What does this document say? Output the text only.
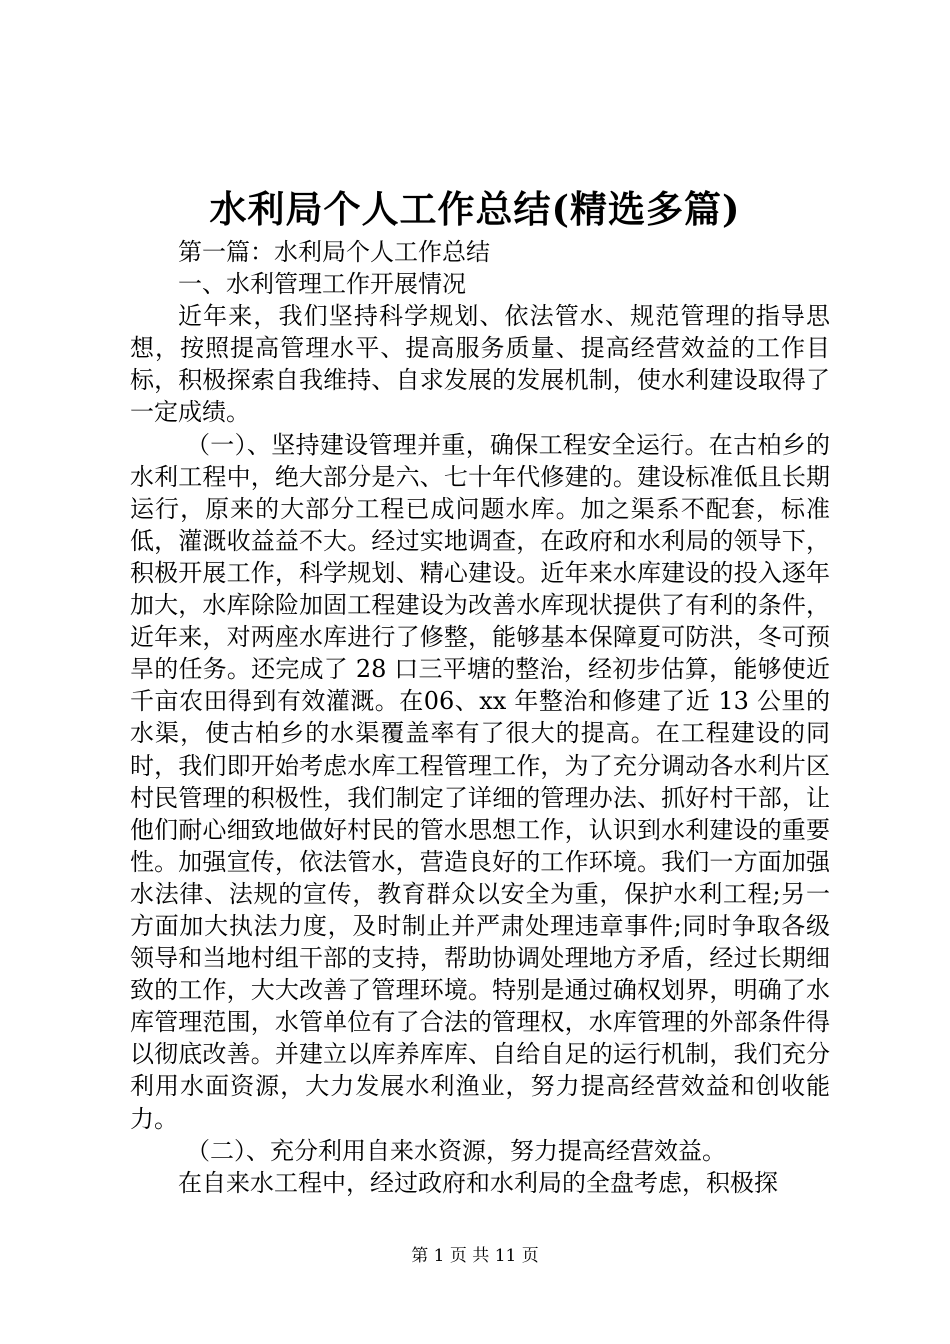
水利局个人工作总结(精选多篇)

第一篇：水利局个人工作总结

一、水利管理工作开展情况

近年来，我们坚持科学规划、依法管水、规范管理的指导思想，按照提高管理水平、提高服务质量、提高经营效益的工作目标，积极探索自我维持、自求发展的发展机制，使水利建设取得了一定成绩。

（一）、坚持建设管理并重，确保工程安全运行。在古柏乡的水利工程中，绝大部分是六、七十年代修建的。建设标准低且长期运行，原来的大部分工程已成问题水库。加之渠系不配套，标准低，灌溉收益益不大。经过实地调查，在政府和水利局的领导下，积极开展工作，科学规划、精心建设。近年来水库建设的投入逐年加大，水库除险加固工程建设为改善水库现状提供了有利的条件，近年来，对两座水库进行了修整，能够基本保障夏可防洪，冬可预旱的任务。还完成了 28 口三平塘的整治，经初步估算，能够使近千亩农田得到有效灌溉。在06、xx 年整治和修建了近 13 公里的水渠，使古柏乡的水渠覆盖率有了很大的提高。在工程建设的同时，我们即开始考虑水库工程管理工作，为了充分调动各水利片区村民管理的积极性，我们制定了详细的管理办法、抓好村干部，让他们耐心细致地做好村民的管水思想工作，认识到水利建设的重要性。加强宣传，依法管水，营造良好的工作环境。我们一方面加强水法律、法规的宣传，教育群众以安全为重，保护水利工程;另一方面加大执法力度，及时制止并严肃处理违章事件;同时争取各级领导和当地村组干部的支持，帮助协调处理地方矛盾，经过长期细致的工作，大大改善了管理环境。特别是通过确权划界，明确了水库管理范围，水管单位有了合法的管理权，水库管理的外部条件得以彻底改善。并建立以库养库库、自给自足的运行机制，我们充分利用水面资源，大力发展水利渔业，努力提高经营效益和创收能力。

（二）、充分利用自来水资源，努力提高经营效益。

在自来水工程中，经过政府和水利局的全盘考虑，积极探

第 1 页 共 11 页
